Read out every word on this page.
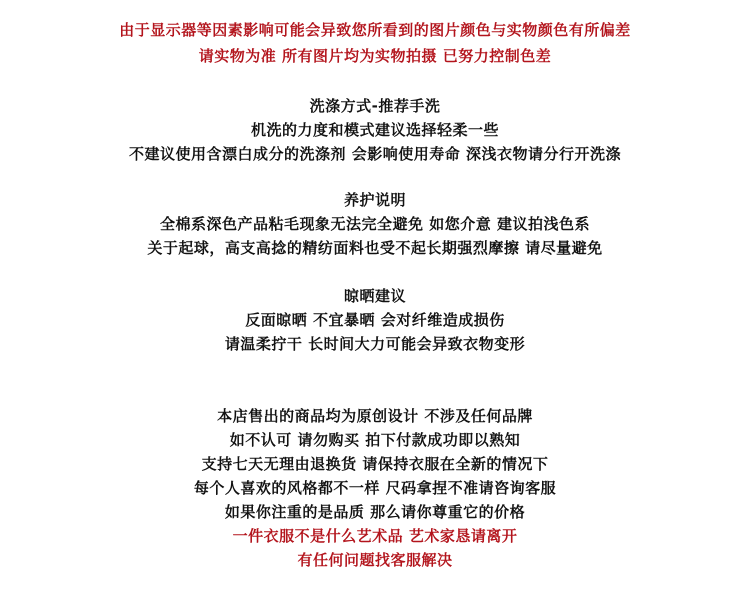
由于显示器等因素影响可能会异致您所看到的图片颜色与实物颜色有所偏差
请实物为准 所有图片均为实物拍摄 已努力控制色差
洗涤方式-推荐手洗
机洗的力度和模式建议选择轻柔一些
不建议使用含漂白成分的洗涤剂 会影响使用寿命 深浅衣物请分行开洗涤
养护说明
全棉系深色产品粘毛现象无法完全避免 如您介意 建议拍浅色系
关于起球，高支高捻的精纺面料也受不起长期强烈摩擦 请尽量避免
晾晒建议
反面晾晒 不宜暴晒 会对纤维造成损伤
请温柔拧干 长时间大力可能会异致衣物变形
本店售出的商品均为原创设计 不涉及任何品牌
如不认可 请勿购买 拍下付款成功即以熟知
支持七天无理由退换货 请保持衣服在全新的情况下
每个人喜欢的风格都不一样 尺码拿捏不准请咨询客服
如果你注重的是品质 那么请你尊重它的价格
一件衣服不是什么艺术品 艺术家恳请离开
有任何问题找客服解决
